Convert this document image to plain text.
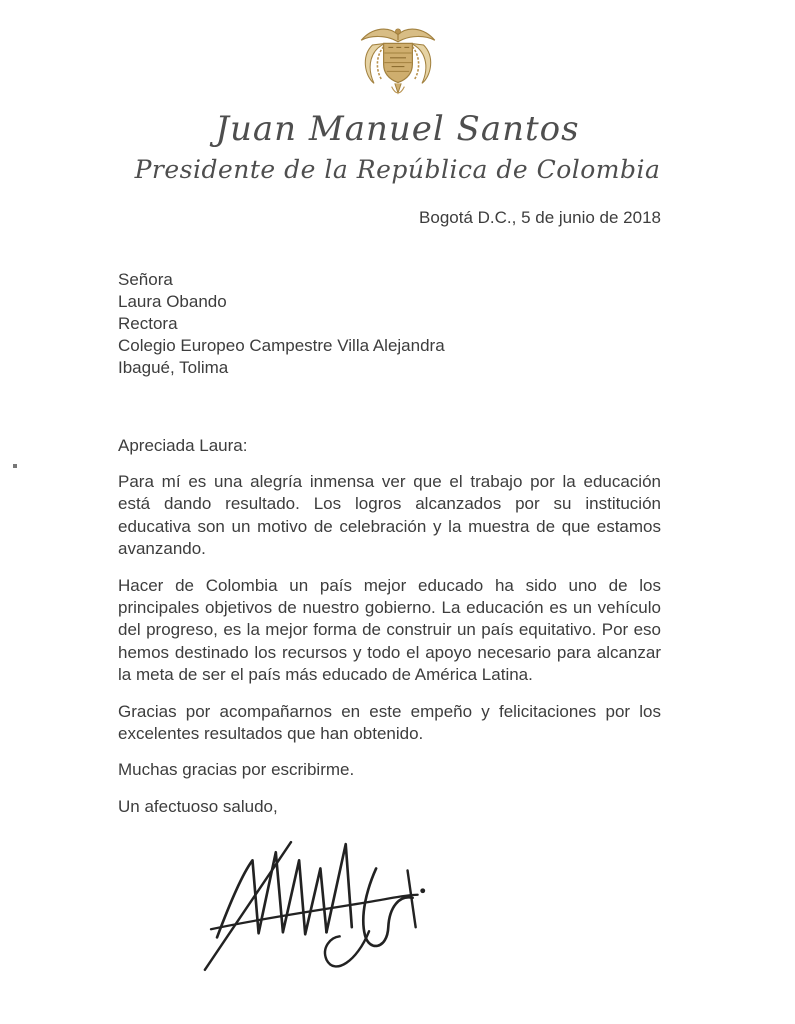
Juan Manuel Santos
Presidente de la República de Colombia
Bogotá D.C., 5 de junio de 2018
Señora
Laura Obando
Rectora
Colegio Europeo Campestre Villa Alejandra
Ibagué, Tolima
Apreciada Laura:

Para mí es una alegría inmensa ver que el trabajo por la educación está dando resultado. Los logros alcanzados por su institución educativa son un motivo de celebración y la muestra de que estamos avanzando.

Hacer de Colombia un país mejor educado ha sido uno de los principales objetivos de nuestro gobierno. La educación es un vehículo del progreso, es la mejor forma de construir un país equitativo. Por eso hemos destinado los recursos y todo el apoyo necesario para alcanzar la meta de ser el país más educado de América Latina.

Gracias por acompañarnos en este empeño y felicitaciones por los excelentes resultados que han obtenido.

Muchas gracias por escribirme.

Un afectuoso saludo,
